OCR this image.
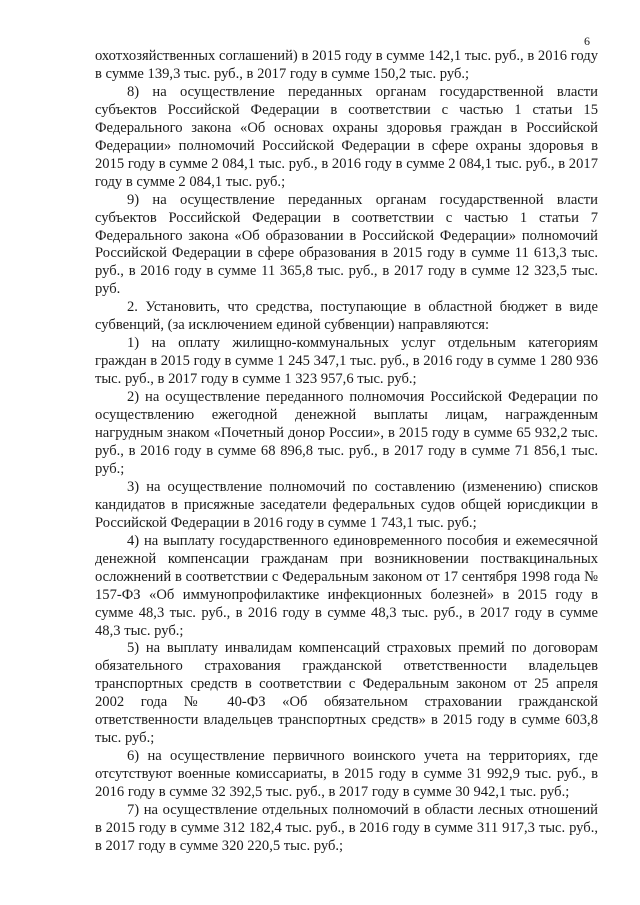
6

охотхозяйственных соглашений) в 2015 году в сумме 142,1 тыс. руб., в 2016 году в сумме 139,3 тыс. руб., в 2017 году в сумме 150,2 тыс. руб.;

8) на осуществление переданных органам государственной власти субъектов Российской Федерации в соответствии с частью 1 статьи 15 Федерального закона «Об основах охраны здоровья граждан в Российской Федерации» полномочий Российской Федерации в сфере охраны здоровья в 2015 году в сумме 2 084,1 тыс. руб., в 2016 году в сумме 2 084,1 тыс. руб., в 2017 году в сумме 2 084,1 тыс. руб.;

9) на осуществление переданных органам государственной власти субъектов Российской Федерации в соответствии с частью 1 статьи 7 Федерального закона «Об образовании в Российской Федерации» полномочий Российской Федерации в сфере образования в 2015 году в сумме 11 613,3 тыс. руб., в 2016 году в сумме 11 365,8 тыс. руб., в 2017 году в сумме 12 323,5 тыс. руб.

2. Установить, что средства, поступающие в областной бюджет в виде субвенций, (за исключением единой субвенции) направляются:

1) на оплату жилищно-коммунальных услуг отдельным категориям граждан в 2015 году в сумме 1 245 347,1 тыс. руб., в 2016 году в сумме 1 280 936 тыс. руб., в 2017 году в сумме 1 323 957,6 тыс. руб.;

2) на осуществление переданного полномочия Российской Федерации по осуществлению ежегодной денежной выплаты лицам, награжденным нагрудным знаком «Почетный донор России», в 2015 году в сумме 65 932,2 тыс. руб., в 2016 году в сумме 68 896,8 тыс. руб., в 2017 году в сумме 71 856,1 тыс. руб.;

3) на осуществление полномочий по составлению (изменению) списков кандидатов в присяжные заседатели федеральных судов общей юрисдикции в Российской Федерации в 2016 году в сумме 1 743,1 тыс. руб.;

4) на выплату государственного единовременного пособия и ежемесячной денежной компенсации гражданам при возникновении поствакцинальных осложнений в соответствии с Федеральным законом от 17 сентября 1998 года № 157-ФЗ «Об иммунопрофилактике инфекционных болезней» в 2015 году в сумме 48,3 тыс. руб., в 2016 году в сумме 48,3 тыс. руб., в 2017 году в сумме 48,3 тыс. руб.;

5) на выплату инвалидам компенсаций страховых премий по договорам обязательного страхования гражданской ответственности владельцев транспортных средств в соответствии с Федеральным законом от 25 апреля 2002 года № 40-ФЗ «Об обязательном страховании гражданской ответственности владельцев транспортных средств» в 2015 году в сумме 603,8 тыс. руб.;

6) на осуществление первичного воинского учета на территориях, где отсутствуют военные комиссариаты, в 2015 году в сумме 31 992,9 тыс. руб., в 2016 году в сумме 32 392,5 тыс. руб., в 2017 году в сумме 30 942,1 тыс. руб.;

7) на осуществление отдельных полномочий в области лесных отношений в 2015 году в сумме 312 182,4 тыс. руб., в 2016 году в сумме 311 917,3 тыс. руб., в 2017 году в сумме 320 220,5 тыс. руб.;
